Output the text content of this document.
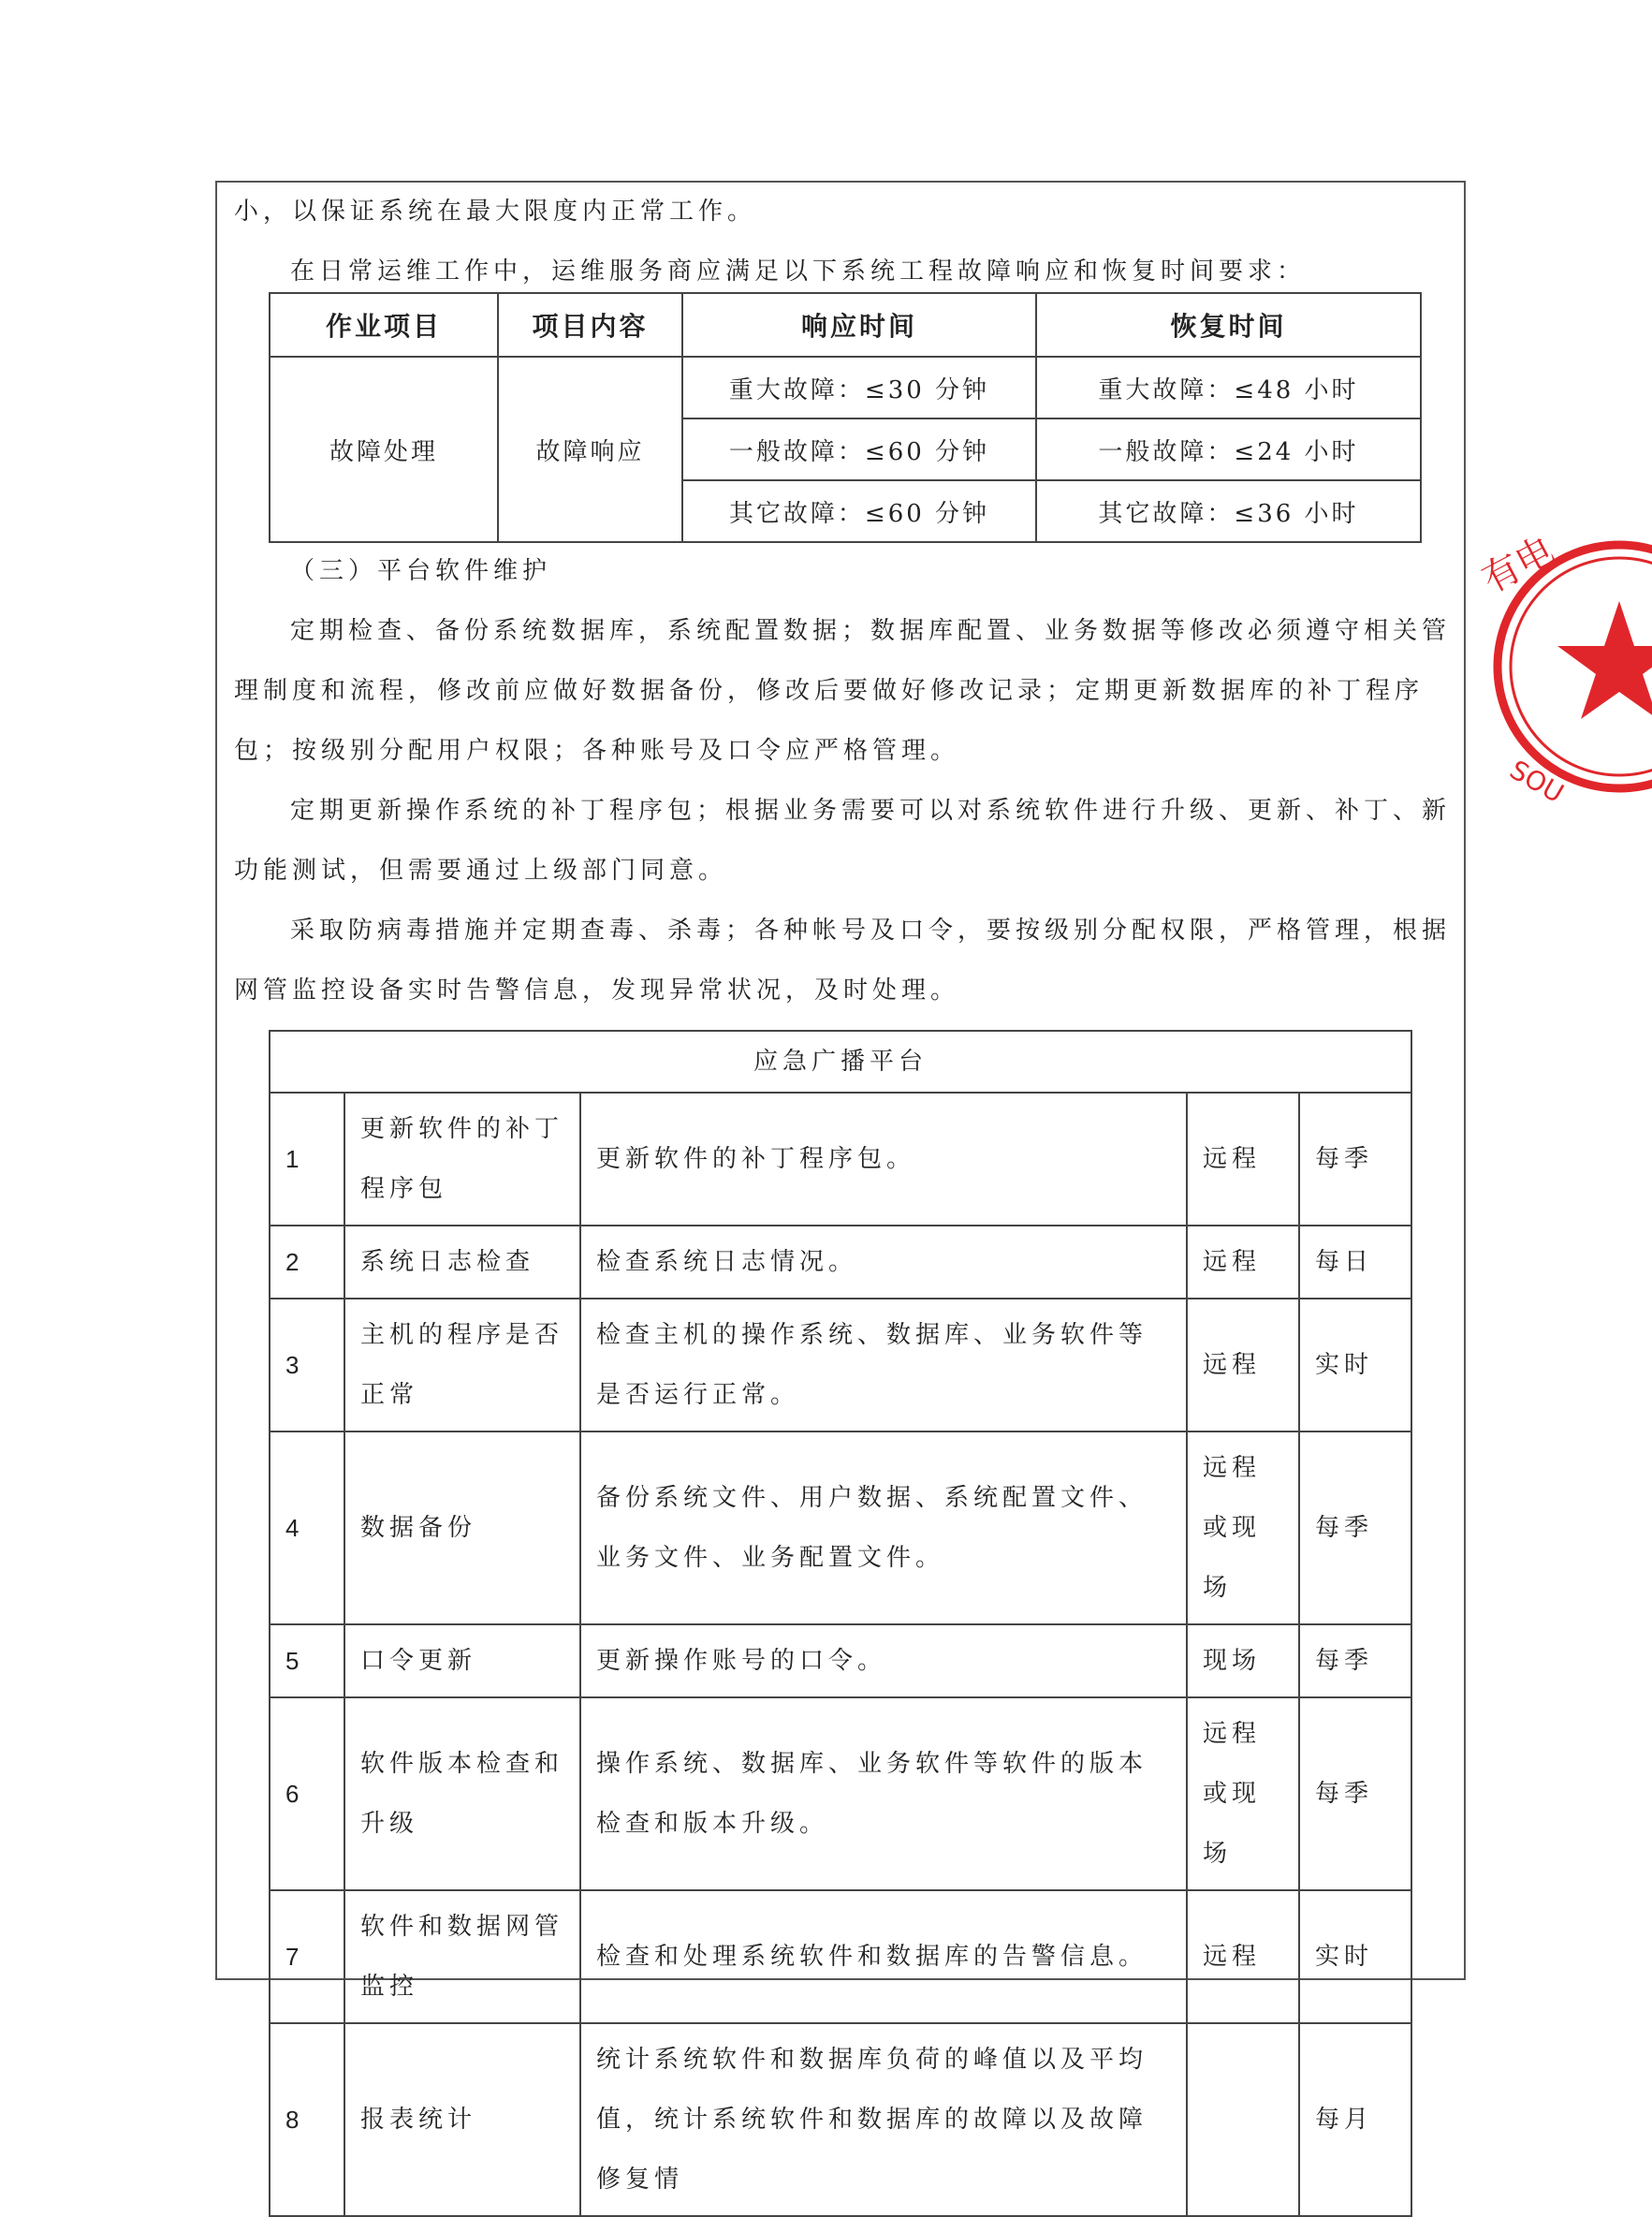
小，以保证系统在最大限度内正常工作。

在日常运维工作中，运维服务商应满足以下系统工程故障响应和恢复时间要求：

作业项目	项目内容	响应时间	恢复时间
故障处理	故障响应	重大故障：≤30 分钟	重大故障：≤48 小时
		一般故障：≤60 分钟	一般故障：≤24 小时
		其它故障：≤60 分钟	其它故障：≤36 小时

（三）平台软件维护

定期检查、备份系统数据库，系统配置数据；数据库配置、业务数据等修改必须遵守相关管理制度和流程，修改前应做好数据备份，修改后要做好修改记录；定期更新数据库的补丁程序包；按级别分配用户权限；各种账号及口令应严格管理。

定期更新操作系统的补丁程序包；根据业务需要可以对系统软件进行升级、更新、补丁、新功能测试，但需要通过上级部门同意。

采取防病毒措施并定期查毒、杀毒；各种帐号及口令，要按级别分配权限，严格管理，根据网管监控设备实时告警信息，发现异常状况，及时处理。

应急广播平台				
1	更新软件的补丁程序包	更新软件的补丁程序包。	远程	每季
2	系统日志检查	检查系统日志情况。	远程	每日
3	主机的程序是否正常	检查主机的操作系统、数据库、业务软件等是否运行正常。	远程	实时
4	数据备份	备份系统文件、用户数据、系统配置文件、业务文件、业务配置文件。	远程或现场	每季
5	口令更新	更新操作账号的口令。	现场	每季
6	软件版本检查和升级	操作系统、数据库、业务软件等软件的版本检查和版本升级。	远程或现场	每季
7	软件和数据网管监控	检查和处理系统软件和数据库的告警信息。	远程	实时
8	报表统计	统计系统软件和数据库负荷的峰值以及平均值，统计系统软件和数据库的故障以及故障修复情		每月
有电
SOU
